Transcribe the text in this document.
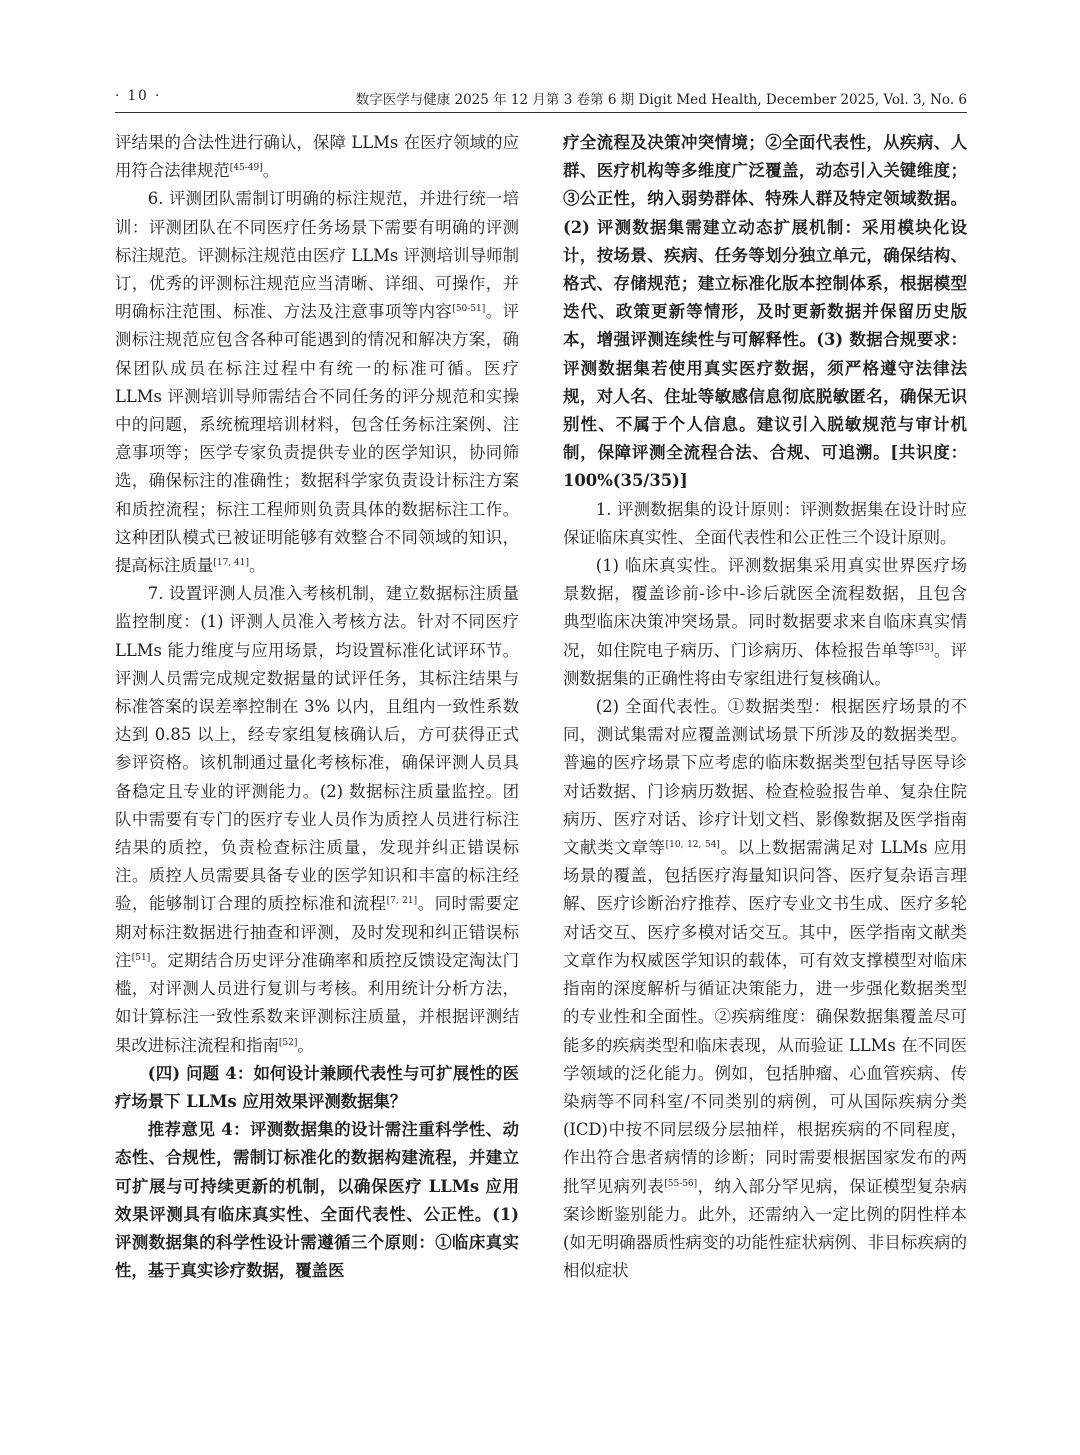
· 10 ·	数字医学与健康 2025 年 12 月第 3 卷第 6 期 Digit Med Health, December 2025, Vol. 3, No. 6

评结果的合法性进行确认，保障 LLMs 在医疗领域的应用符合法律规范[45-49]。

6. 评测团队需制订明确的标注规范，并进行统一培训：评测团队在不同医疗任务场景下需要有明确的评测标注规范。评测标注规范由医疗 LLMs 评测培训导师制订，优秀的评测标注规范应当清晰、详细、可操作，并明确标注范围、标准、方法及注意事项等内容[50-51]。评测标注规范应包含各种可能遇到的情况和解决方案，确保团队成员在标注过程中有统一的标准可循。医疗 LLMs 评测培训导师需结合不同任务的评分规范和实操中的问题，系统梳理培训材料，包含任务标注案例、注意事项等；医学专家负责提供专业的医学知识，协同筛选，确保标注的准确性；数据科学家负责设计标注方案和质控流程；标注工程师则负责具体的数据标注工作。这种团队模式已被证明能够有效整合不同领域的知识，提高标注质量[17, 41]。

7. 设置评测人员准入考核机制，建立数据标注质量监控制度：(1) 评测人员准入考核方法。针对不同医疗 LLMs 能力维度与应用场景，均设置标准化试评环节。评测人员需完成规定数据量的试评任务，其标注结果与标准答案的误差率控制在 3% 以内，且组内一致性系数达到 0.85 以上，经专家组复核确认后，方可获得正式参评资格。该机制通过量化考核标准，确保评测人员具备稳定且专业的评测能力。(2) 数据标注质量监控。团队中需要有专门的医疗专业人员作为质控人员进行标注结果的质控，负责检查标注质量，发现并纠正错误标注。质控人员需要具备专业的医学知识和丰富的标注经验，能够制订合理的质控标准和流程[7, 21]。同时需要定期对标注数据进行抽查和评测，及时发现和纠正错误标注[51]。定期结合历史评分准确率和质控反馈设定淘汰门槛，对评测人员进行复训与考核。利用统计分析方法，如计算标注一致性系数来评测标注质量，并根据评测结果改进标注流程和指南[52]。

(四) 问题 4：如何设计兼顾代表性与可扩展性的医疗场景下 LLMs 应用效果评测数据集？

推荐意见 4：评测数据集的设计需注重科学性、动态性、合规性，需制订标准化的数据构建流程，并建立可扩展与可持续更新的机制，以确保医疗 LLMs 应用效果评测具有临床真实性、全面代表性、公正性。(1) 评测数据集的科学性设计需遵循三个原则：①临床真实性，基于真实诊疗数据，覆盖医

疗全流程及决策冲突情境；②全面代表性，从疾病、人群、医疗机构等多维度广泛覆盖，动态引入关键维度；③公正性，纳入弱势群体、特殊人群及特定领域数据。(2) 评测数据集需建立动态扩展机制：采用模块化设计，按场景、疾病、任务等划分独立单元，确保结构、格式、存储规范；建立标准化版本控制体系，根据模型迭代、政策更新等情形，及时更新数据并保留历史版本，增强评测连续性与可解释性。(3) 数据合规要求：评测数据集若使用真实医疗数据，须严格遵守法律法规，对人名、住址等敏感信息彻底脱敏匿名，确保无识别性、不属于个人信息。建议引入脱敏规范与审计机制，保障评测全流程合法、合规、可追溯。[共识度：100%(35/35)]

1. 评测数据集的设计原则：评测数据集在设计时应保证临床真实性、全面代表性和公正性三个设计原则。

(1) 临床真实性。评测数据集采用真实世界医疗场景数据，覆盖诊前-诊中-诊后就医全流程数据，且包含典型临床决策冲突场景。同时数据要求来自临床真实情况，如住院电子病历、门诊病历、体检报告单等[53]。评测数据集的正确性将由专家组进行复核确认。

(2) 全面代表性。①数据类型：根据医疗场景的不同，测试集需对应覆盖测试场景下所涉及的数据类型。普遍的医疗场景下应考虑的临床数据类型包括导医导诊对话数据、门诊病历数据、检查检验报告单、复杂住院病历、医疗对话、诊疗计划文档、影像数据及医学指南文献类文章等[10, 12, 54]。以上数据需满足对 LLMs 应用场景的覆盖，包括医疗海量知识问答、医疗复杂语言理解、医疗诊断治疗推荐、医疗专业文书生成、医疗多轮对话交互、医疗多模对话交互。其中，医学指南文献类文章作为权威医学知识的载体，可有效支撑模型对临床指南的深度解析与循证决策能力，进一步强化数据类型的专业性和全面性。②疾病维度：确保数据集覆盖尽可能多的疾病类型和临床表现，从而验证 LLMs 在不同医学领域的泛化能力。例如，包括肿瘤、心血管疾病、传染病等不同科室/不同类别的病例，可从国际疾病分类(ICD)中按不同层级分层抽样，根据疾病的不同程度，作出符合患者病情的诊断；同时需要根据国家发布的两批罕见病列表[55-56]，纳入部分罕见病，保证模型复杂病案诊断鉴别能力。此外，还需纳入一定比例的阴性样本(如无明确器质性病变的功能性症状病例、非目标疾病的相似症状
